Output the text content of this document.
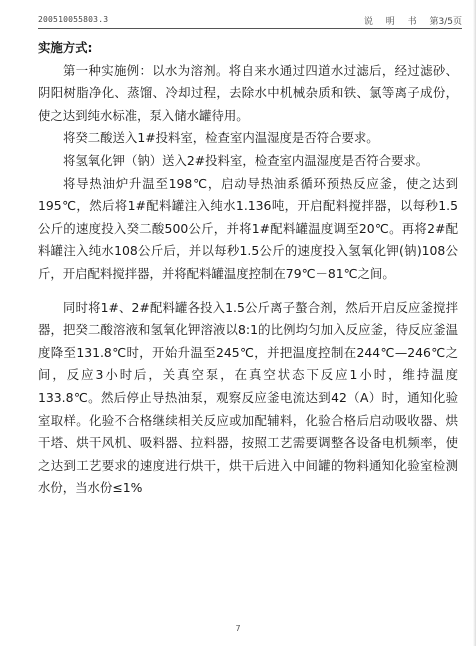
200510055803.3	说 明 书 第3/5页

实施方式:

第一种实施例：以水为溶剂。将自来水通过四道水过滤后，经过滤砂、阴阳树脂净化、蒸馏、冷却过程，去除水中机械杂质和铁、氯等离子成份，使之达到纯水标准，泵入储水罐待用。

将癸二酸送入1#投料室，检查室内温湿度是否符合要求。

将氢氧化钾（钠）送入2#投料室，检查室内温湿度是否符合要求。

将导热油炉升温至198℃，启动导热油系循环预热反应釜，使之达到195℃，然后将1#配料罐注入纯水1.136吨，开启配料搅拌器，以每秒1.5公斤的速度投入癸二酸500公斤，并将1#配料罐温度调至20℃。再将2#配料罐注入纯水108公斤后，并以每秒1.5公斤的速度投入氢氧化钾(钠)108公斤，开启配料搅拌器，并将配料罐温度控制在79℃－81℃之间。

同时将1#、2#配料罐各投入1.5公斤离子螯合剂，然后开启反应釜搅拌器，把癸二酸溶液和氢氧化钾溶液以8:1的比例均匀加入反应釜，待反应釜温度降至131.8℃时，开始升温至245℃，并把温度控制在244℃—246℃之间，反应3小时后，关真空泵，在真空状态下反应1小时，维持温度133.8℃。然后停止导热油泵，观察反应釜电流达到42（A）时，通知化验室取样。化验不合格继续相关反应或加配辅料，化验合格后启动吸收器、烘干塔、烘干风机、吸料器、拉料器，按照工艺需要调整各设备电机频率，使之达到工艺要求的速度进行烘干，烘干后进入中间罐的物料通知化验室检测水份，当水份≤1%

7
